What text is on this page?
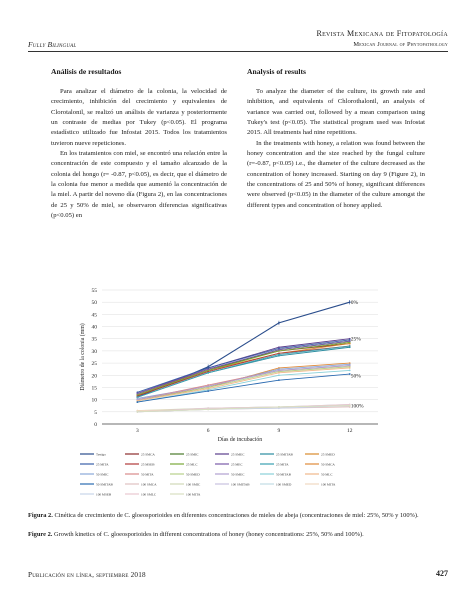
Fully Bilingual
Revista Mexicana de Fitopatología
Mexican Journal of Phytopathology
Análisis de resultados

Para analizar el diámetro de la colonia, la velocidad de crecimiento, inhibición del crecimiento y equivalentes de Clorotalonil, se realizó un análisis de varianza y posteriormente un contraste de medias por Tukey (p<0.05). El programa estadístico utilizado fue Infostat 2015. Todos los tratamientos tuvieron nueve repeticiones.

En los tratamientos con miel, se encontró una relación entre la concentración de este compuesto y el tamaño alcanzado de la colonia del hongo (r= -0.87, p<0.05), es decir, que el diámetro de la colonia fue menor a medida que aumentó la concentración de la miel. A partir del noveno día (Figura 2), en las concentraciones de 25 y 50% de miel, se observaron diferencias significativas (p<0.05) en

Analysis of results

To analyze the diameter of the culture, its growth rate and inhibition, and equivalents of Chlorothalonil, an analysis of variance was carried out, followed by a mean comparison using Tukey's test (p<0.05). The statistical program used was Infostat 2015. All treatments had nine repetitions.

In the treatments with honey, a relation was found between the honey concentration and the size reached by the fungal culture (r=-0.87, p<0.05) i.e., the diameter of the culture decreased as the concentration of honey increased. Starting on day 9 (Figure 2), in the concentrations of 25 and 50% of honey, significant differences were observed (p<0.05) in the diameter of the culture amongst the different types and concentration of honey applied.

0
5
10
15
20
25
30
35
40
45
50
55
3	6	9	12
Días de incubación
Diámetro de la colonia (mm)
0%
25%
50%
100%
Testigo	25 SMCA	25 SMIC	25 SMEC	25 SMITAB	25 SMED
25 MITA	25 MSEB	25 MLC	25 MEC	25 MITA	50 SMCA
50 SMIC	50 MITA	50 SMED	50 SMEC	50 MITAB	50 MLC
50 SMITAB	100 SMCA	100 SMIC	100 SMITAB	100 SMED	100 MITA
100 MSEB	100 SMLC	100 MITA
Figura 2. Cinética de crecimiento de C. gloeosporioides en diferentes concentraciones de mieles de abeja (concentraciones de miel: 25%, 50% y 100%).
Figure 2. Growth kinetics of C. gloeosporioides in different concentrations of honey (honey concentrations: 25%, 50% and 100%).
Publicación en línea, septiembre 2018	427
